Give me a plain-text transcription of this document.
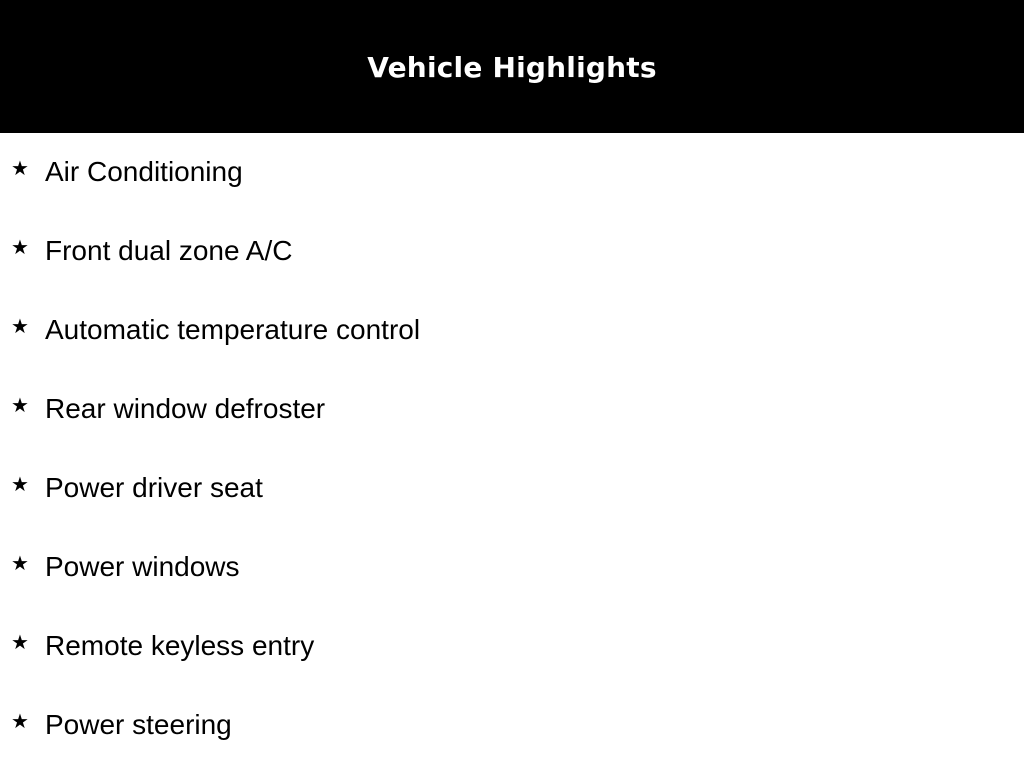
Vehicle Highlights
★ Air Conditioning
★ Front dual zone A/C
★ Automatic temperature control
★ Rear window defroster
★ Power driver seat
★ Power windows
★ Remote keyless entry
★ Power steering
